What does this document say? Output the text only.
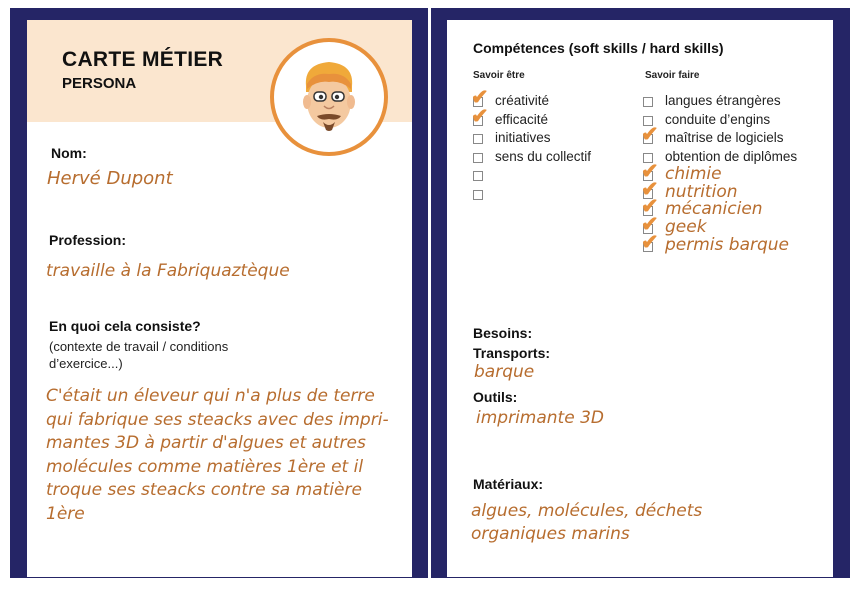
CARTE MÉTIER
PERSONA
Nom:
Hervé Dupont
Profession:
travaille à la Fabriquaztèque
En quoi cela consiste?
(contexte de travail / conditions
d’exercice...)
C'était un éleveur qui n'a plus de terre
qui fabrique ses steacks avec des impri-
mantes 3D à partir d'algues et autres
molécules comme matières 1ère et il
troque ses steacks contre sa matière
1ère
Compétences (soft skills / hard skills)
Savoir être	Savoir faire
✔ créativité
✔ efficacité
initiatives
sens du collectif
langues étrangères
conduite d’engins
✔ maîtrise de logiciels
obtention de diplômes
✔ chimie
✔ nutrition
✔ mécanicien
✔ geek
✔ permis barque
Besoins:
Transports:
barque
Outils:
imprimante 3D
Matériaux:
algues, molécules, déchets
organiques marins
